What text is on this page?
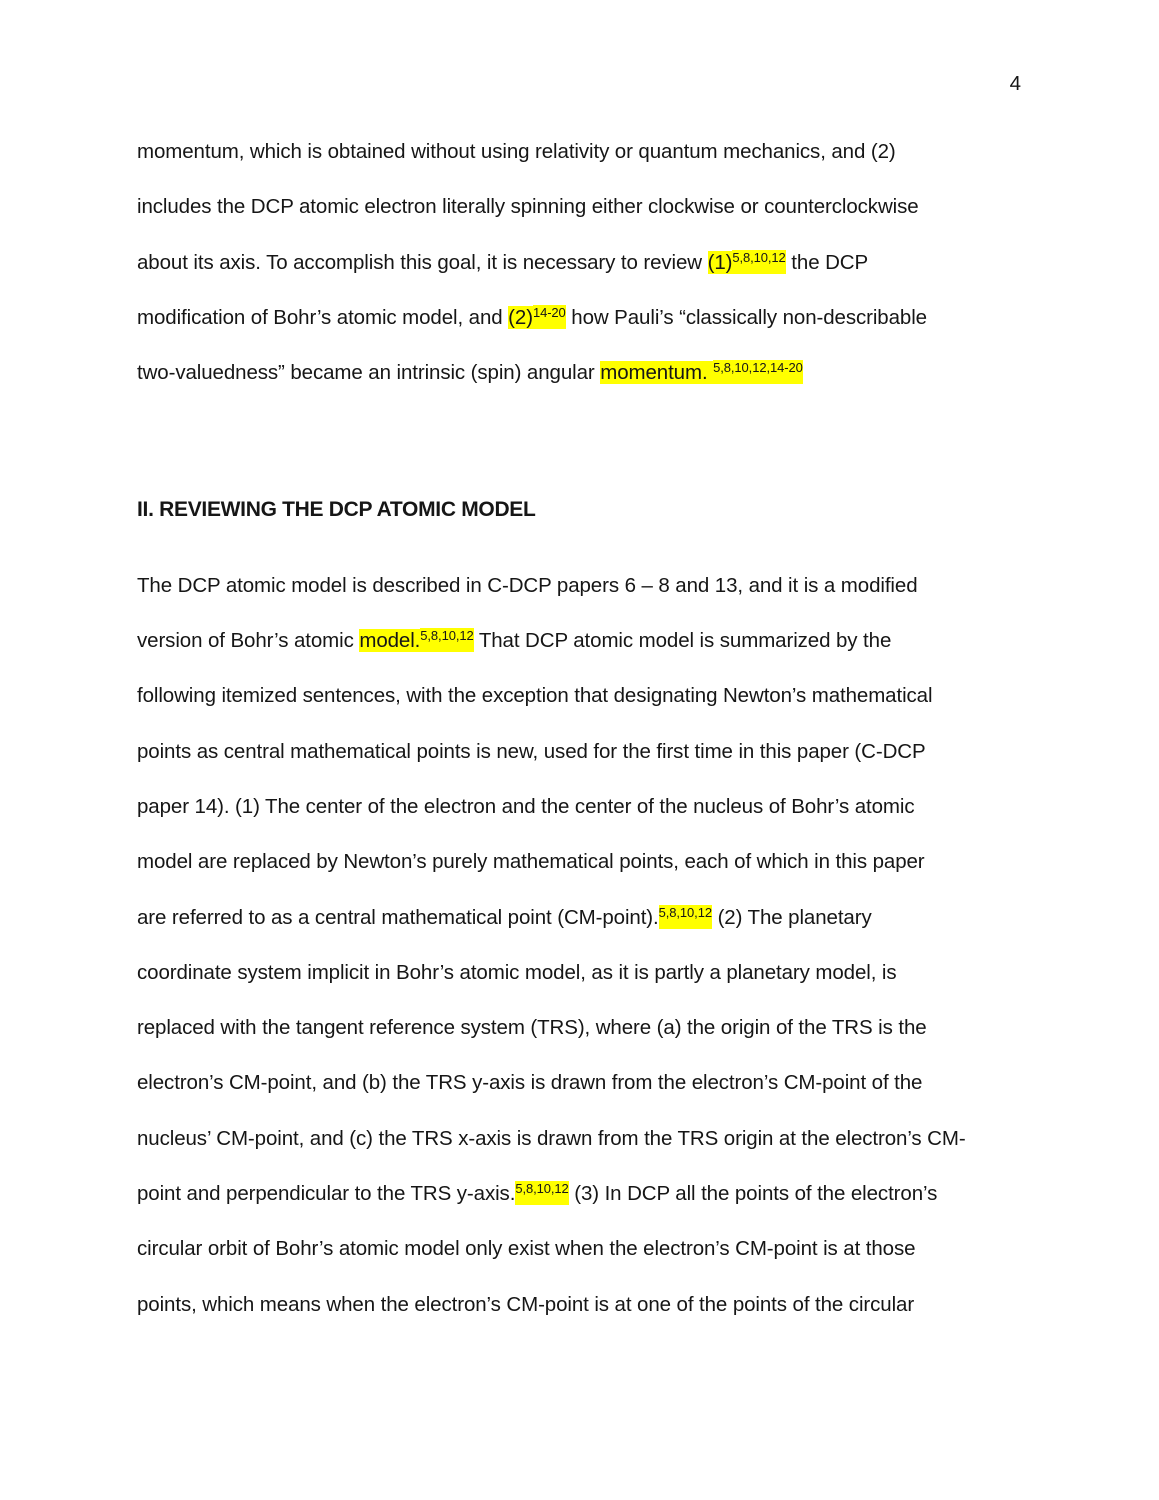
4
momentum, which is obtained without using relativity or quantum mechanics, and (2)
includes the DCP atomic electron literally spinning either clockwise or counterclockwise
about its axis. To accomplish this goal, it is necessary to review $(1)^{5,8,10,12}$ the DCP
modification of Bohr’s atomic model, and $(2)^{14-20}$ how Pauli’s “classically non-describable
two-valuedness” became an intrinsic (spin) angular momentum. $^{5,8,10,12,14-20}$
II. REVIEWING THE DCP ATOMIC MODEL
The DCP atomic model is described in C-DCP papers 6 – 8 and 13, and it is a modified
version of Bohr’s atomic model.$^{5,8,10,12}$ That DCP atomic model is summarized by the
following itemized sentences, with the exception that designating Newton’s mathematical
points as central mathematical points is new, used for the first time in this paper (C-DCP
paper 14). (1) The center of the electron and the center of the nucleus of Bohr’s atomic
model are replaced by Newton’s purely mathematical points, each of which in this paper
are referred to as a central mathematical point (CM-point).$^{5,8,10,12}$ (2) The planetary
coordinate system implicit in Bohr’s atomic model, as it is partly a planetary model, is
replaced with the tangent reference system (TRS), where (a) the origin of the TRS is the
electron’s CM-point, and (b) the TRS y-axis is drawn from the electron’s CM-point of the
nucleus’ CM-point, and (c) the TRS x-axis is drawn from the TRS origin at the electron’s CM-
point and perpendicular to the TRS y-axis.$^{5,8,10,12}$ (3) In DCP all the points of the electron’s
circular orbit of Bohr’s atomic model only exist when the electron’s CM-point is at those
points, which means when the electron’s CM-point is at one of the points of the circular
